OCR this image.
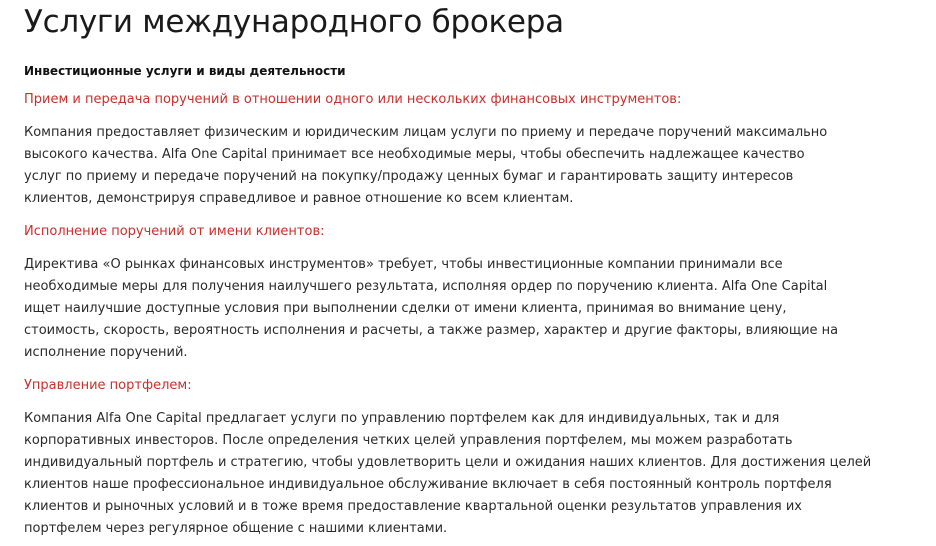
Услуги международного брокера
Инвестиционные услуги и виды деятельности
Прием и передача поручений в отношении одного или нескольких финансовых инструментов:
Компания предоставляет физическим и юридическим лицам услуги по приему и передаче поручений максимально
высокого качества. Alfa One Capital принимает все необходимые меры, чтобы обеспечить надлежащее качество
услуг по приему и передаче поручений на покупку/продажу ценных бумаг и гарантировать защиту интересов
клиентов, демонстрируя справедливое и равное отношение ко всем клиентам.
Исполнение поручений от имени клиентов:
Директива «О рынках финансовых инструментов» требует, чтобы инвестиционные компании принимали все
необходимые меры для получения наилучшего результата, исполняя ордер по поручению клиента. Alfa One Capital
ищет наилучшие доступные условия при выполнении сделки от имени клиента, принимая во внимание цену,
стоимость, скорость, вероятность исполнения и расчеты, а также размер, характер и другие факторы, влияющие на
исполнение поручений.
Управление портфелем:
Компания Alfa One Capital предлагает услуги по управлению портфелем как для индивидуальных, так и для
корпоративных инвесторов. После определения четких целей управления портфелем, мы можем разработать
индивидуальный портфель и стратегию, чтобы удовлетворить цели и ожидания наших клиентов. Для достижения целей
клиентов наше профессиональное индивидуальное обслуживание включает в себя постоянный контроль портфеля
клиентов и рыночных условий и в тоже время предоставление квартальной оценки результатов управления их
портфелем через регулярное общение с нашими клиентами.
